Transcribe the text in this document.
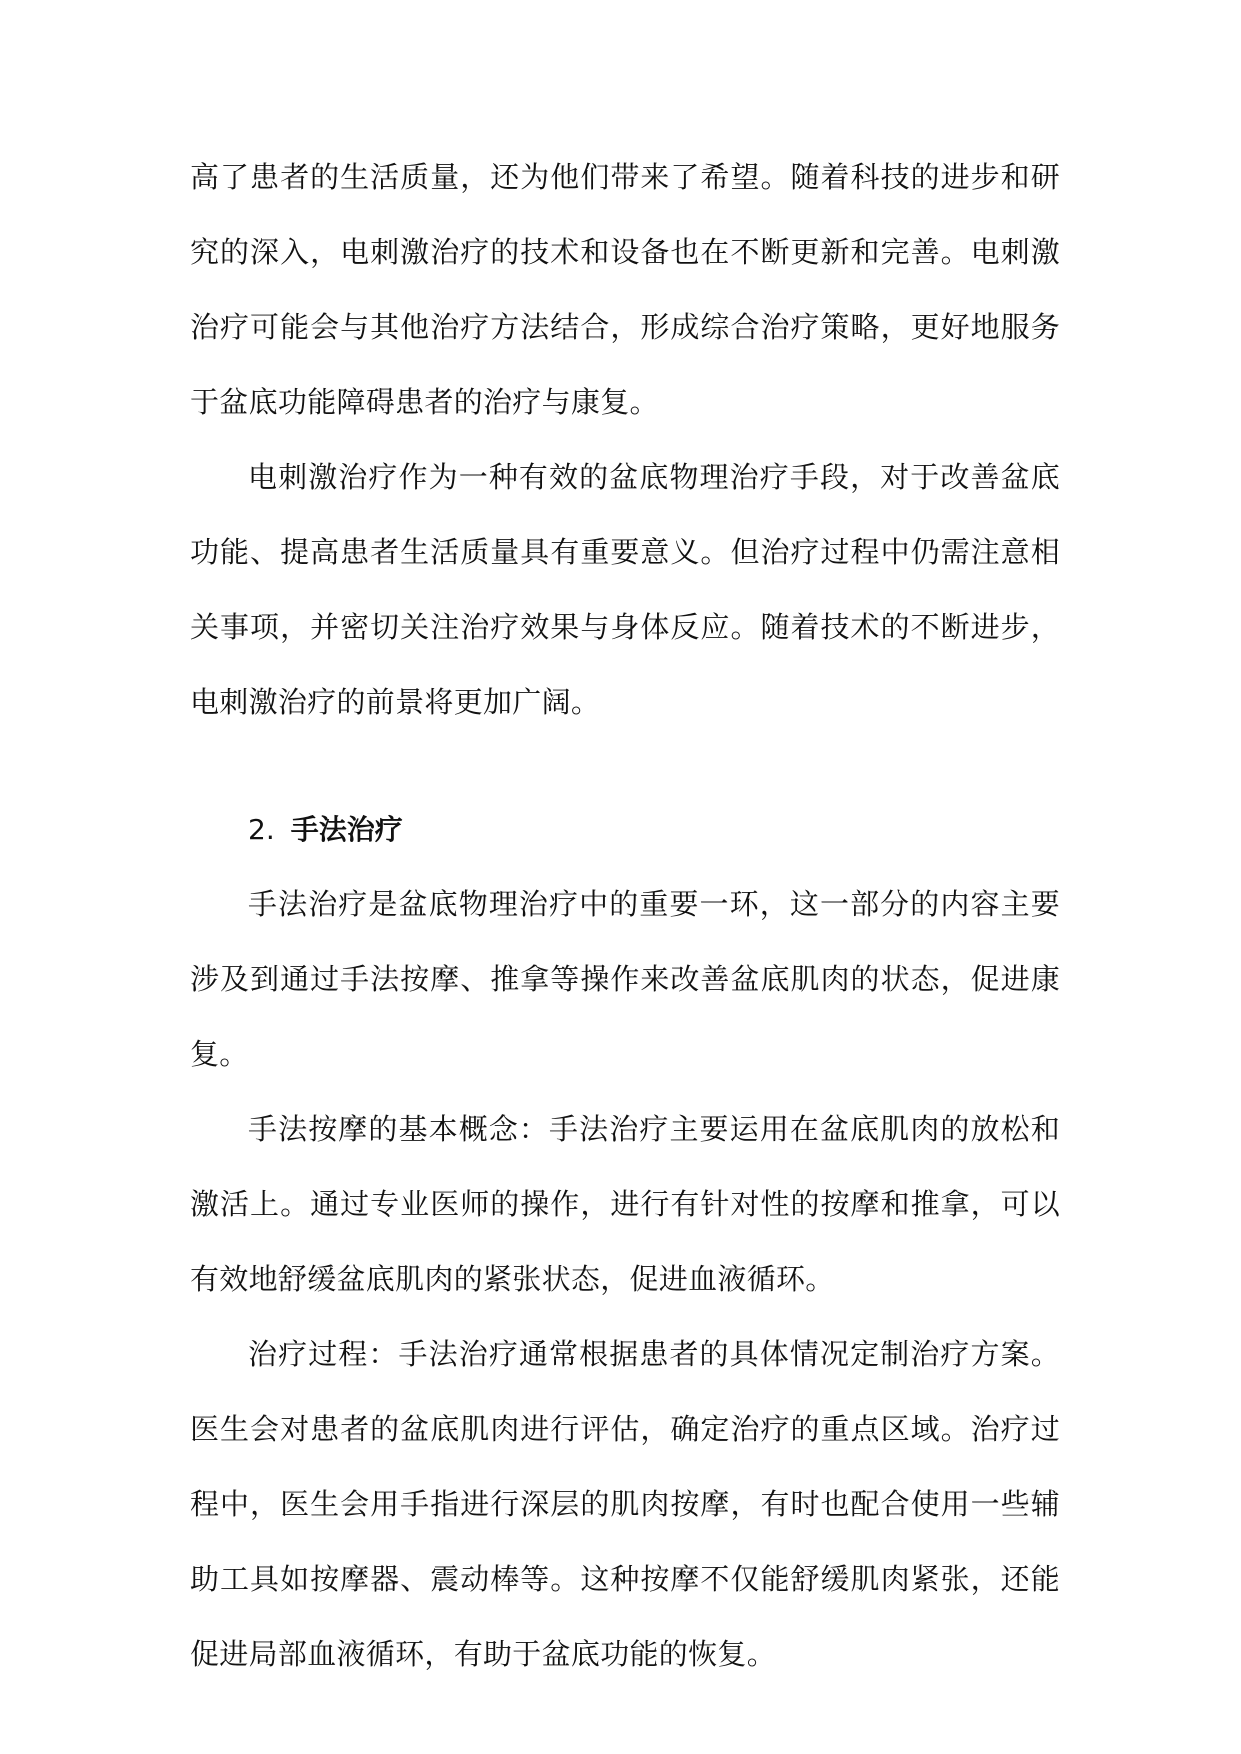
高了患者的生活质量，还为他们带来了希望。随着科技的进步和研究的深入，电刺激治疗的技术和设备也在不断更新和完善。电刺激治疗可能会与其他治疗方法结合，形成综合治疗策略，更好地服务于盆底功能障碍患者的治疗与康复。

电刺激治疗作为一种有效的盆底物理治疗手段，对于改善盆底功能、提高患者生活质量具有重要意义。但治疗过程中仍需注意相关事项，并密切关注治疗效果与身体反应。随着技术的不断进步，电刺激治疗的前景将更加广阔。

2. 手法治疗

手法治疗是盆底物理治疗中的重要一环，这一部分的内容主要涉及到通过手法按摩、推拿等操作来改善盆底肌肉的状态，促进康复。

手法按摩的基本概念：手法治疗主要运用在盆底肌肉的放松和激活上。通过专业医师的操作，进行有针对性的按摩和推拿，可以有效地舒缓盆底肌肉的紧张状态，促进血液循环。

治疗过程：手法治疗通常根据患者的具体情况定制治疗方案。医生会对患者的盆底肌肉进行评估，确定治疗的重点区域。治疗过程中，医生会用手指进行深层的肌肉按摩，有时也配合使用一些辅助工具如按摩器、震动棒等。这种按摩不仅能舒缓肌肉紧张，还能促进局部血液循环，有助于盆底功能的恢复。
